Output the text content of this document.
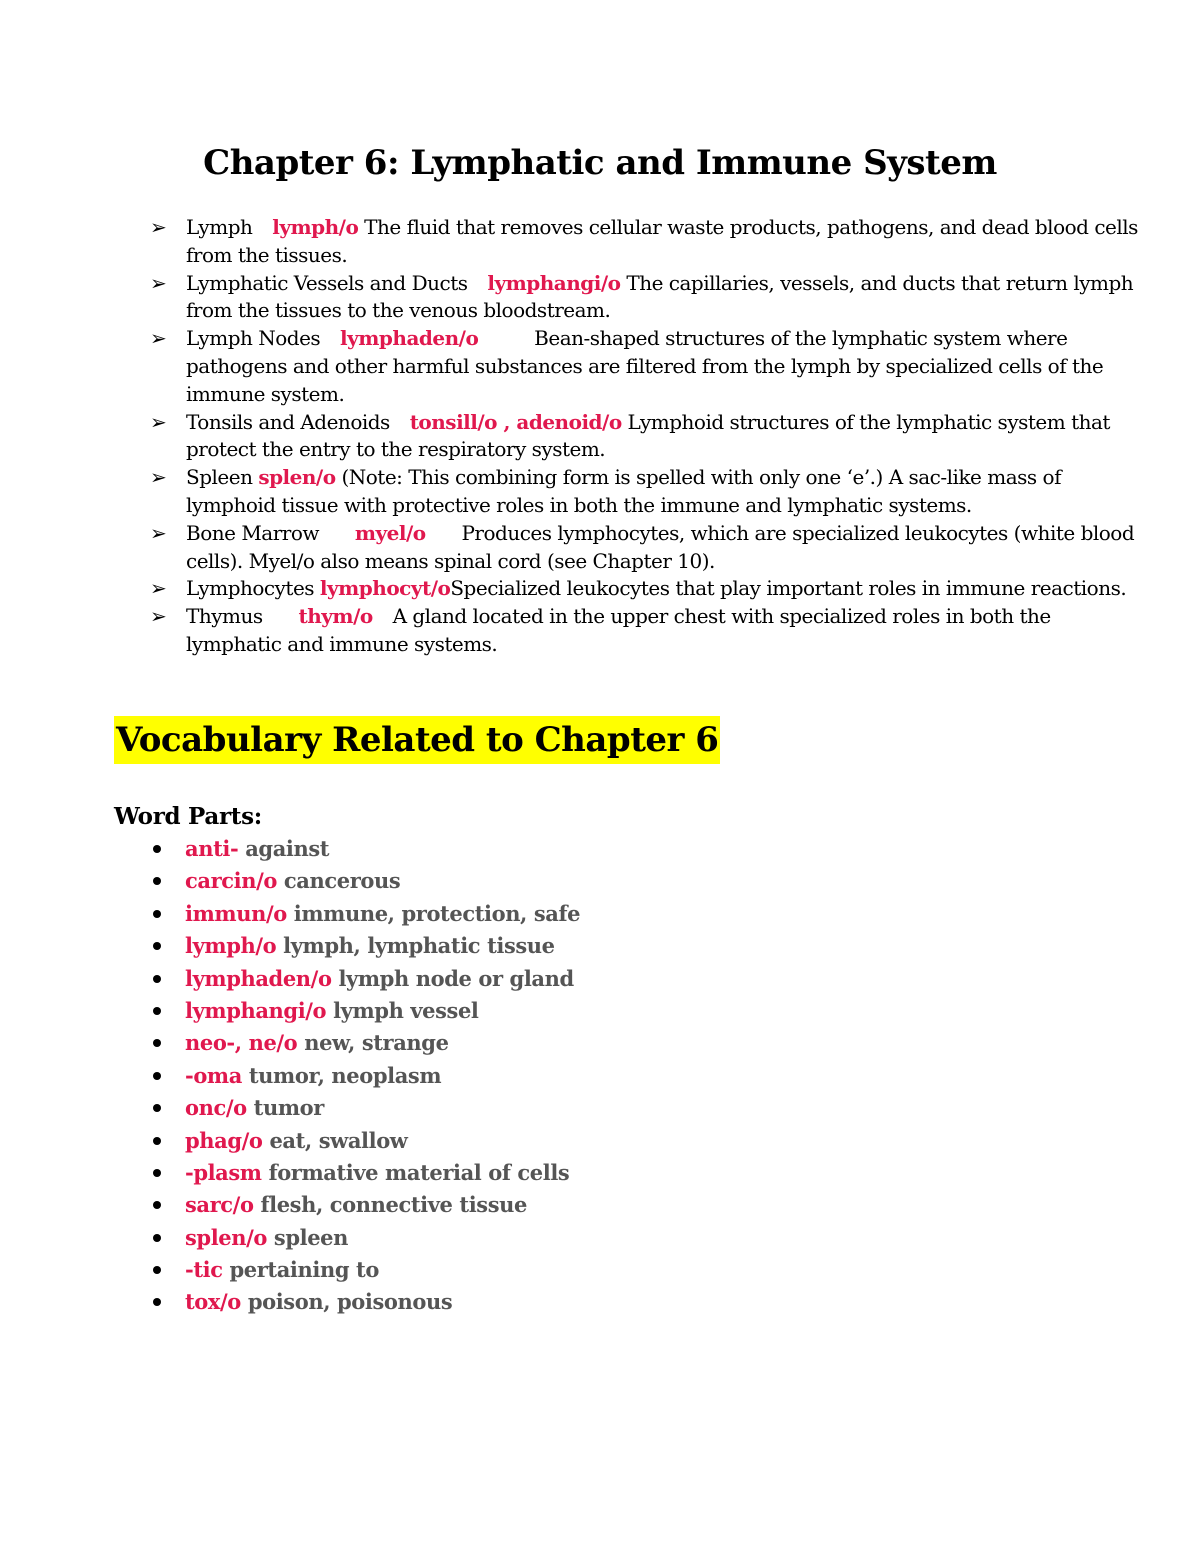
Chapter 6: Lymphatic and Immune System
➢ Lymph lymph/o The fluid that removes cellular waste products, pathogens, and dead blood cells from the tissues.
➢ Lymphatic Vessels and Ducts lymphangi/o The capillaries, vessels, and ducts that return lymph from the tissues to the venous bloodstream.
➢ Lymph Nodes lymphaden/o	Bean-shaped structures of the lymphatic system where pathogens and other harmful substances are filtered from the lymph by specialized cells of the immune system.
➢ Tonsils and Adenoids tonsill/o , adenoid/o Lymphoid structures of the lymphatic system that protect the entry to the respiratory system.
➢ Spleen splen/o (Note: This combining form is spelled with only one ‘e’.) A sac-like mass of lymphoid tissue with protective roles in both the immune and lymphatic systems.
➢ Bone Marrow myel/o Produces lymphocytes, which are specialized leukocytes (white blood cells). Myel/o also means spinal cord (see Chapter 10).
➢ Lymphocytes lymphocyt/oSpecialized leukocytes that play important roles in immune reactions.
➢ Thymus thym/o A gland located in the upper chest with specialized roles in both the lymphatic and immune systems.
Vocabulary Related to Chapter 6
Word Parts:
anti- against
carcin/o cancerous
immun/o immune, protection, safe
lymph/o lymph, lymphatic tissue
lymphaden/o lymph node or gland
lymphangi/o lymph vessel
neo-, ne/o new, strange
-oma tumor, neoplasm
onc/o tumor
phag/o eat, swallow
-plasm formative material of cells
sarc/o flesh, connective tissue
splen/o spleen
-tic pertaining to
tox/o poison, poisonous
